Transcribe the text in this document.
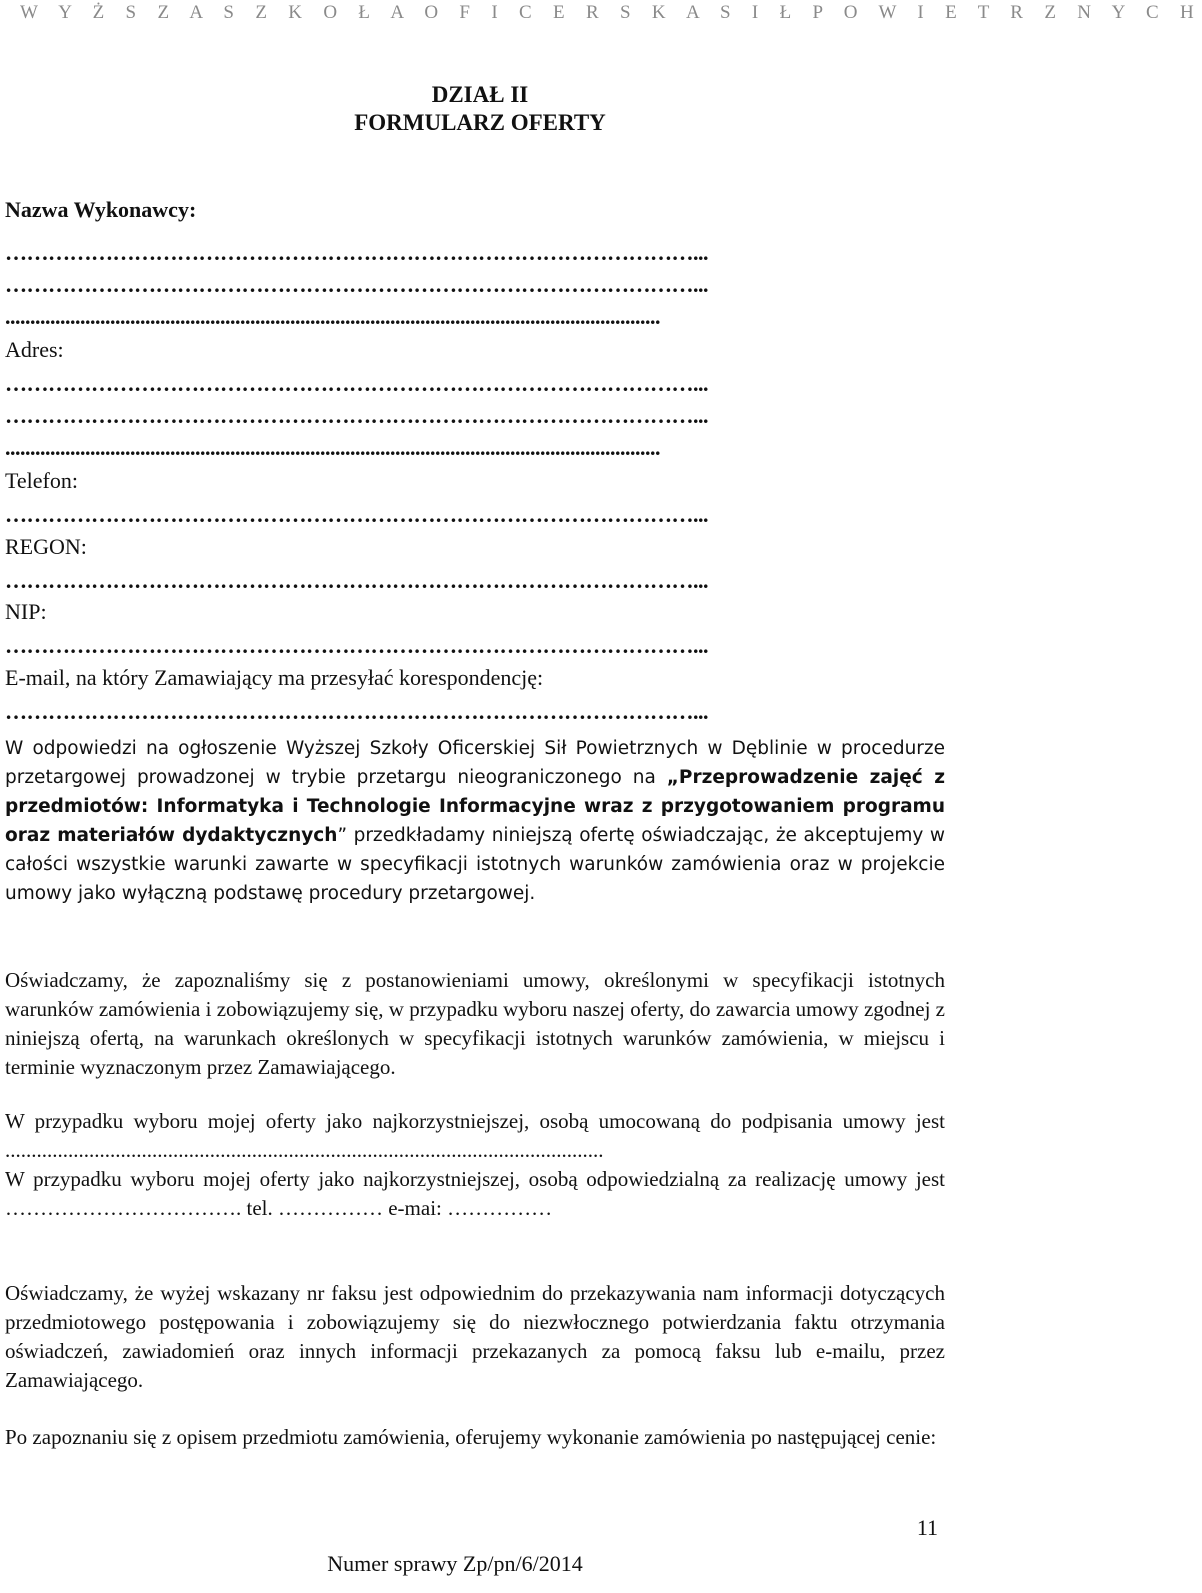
W Y Ż S Z A S Z K O Ł A O F I C E R S K A S I Ł P O W I E T R Z N Y C H
DZIAŁ II
FORMULARZ OFERTY
Nazwa Wykonawcy:
……………………………………………………………………………………...
……………………………………………………………………………………...
...................................................................................................................................
Adres:
……………………………………………………………………………………...
……………………………………………………………………………………...
...................................................................................................................................
Telefon:
……………………………………………………………………………………...
REGON:
……………………………………………………………………………………...
NIP:
……………………………………………………………………………………...
E-mail, na który Zamawiający ma przesyłać korespondencję:
……………………………………………………………………………………...
W odpowiedzi na ogłoszenie Wyższej Szkoły Oficerskiej Sił Powietrznych w Dęblinie w procedurze przetargowej prowadzonej w trybie przetargu nieograniczonego na „Przeprowadzenie zajęć z przedmiotów: Informatyka i Technologie Informacyjne wraz z przygotowaniem programu oraz materiałów dydaktycznych” przedkładamy niniejszą ofertę oświadczając, że akceptujemy w całości wszystkie warunki zawarte w specyfikacji istotnych warunków zamówienia oraz w projekcie umowy jako wyłączną podstawę procedury przetargowej.
Oświadczamy, że zapoznaliśmy się z postanowieniami umowy, określonymi w specyfikacji istotnych warunków zamówienia i zobowiązujemy się, w przypadku wyboru naszej oferty, do zawarcia umowy zgodnej z niniejszą ofertą, na warunkach określonych w specyfikacji istotnych warunków zamówienia, w miejscu i terminie wyznaczonym przez Zamawiającego.
W przypadku wyboru mojej oferty jako najkorzystniejszej, osobą umocowaną do podpisania umowy jest ..................................................................................................................
W przypadku wyboru mojej oferty jako najkorzystniejszej, osobą odpowiedzialną za realizację umowy jest ……………………………. tel. …………… e-mai: ……………
Oświadczamy, że wyżej wskazany nr faksu jest odpowiednim do przekazywania nam informacji dotyczących przedmiotowego postępowania i zobowiązujemy się do niezwłocznego potwierdzania faktu otrzymania oświadczeń, zawiadomień oraz innych informacji przekazanych za pomocą faksu lub e-mailu, przez Zamawiającego.
Po zapoznaniu się z opisem przedmiotu zamówienia, oferujemy wykonanie zamówienia po następującej cenie:
11
Numer sprawy Zp/pn/6/2014
